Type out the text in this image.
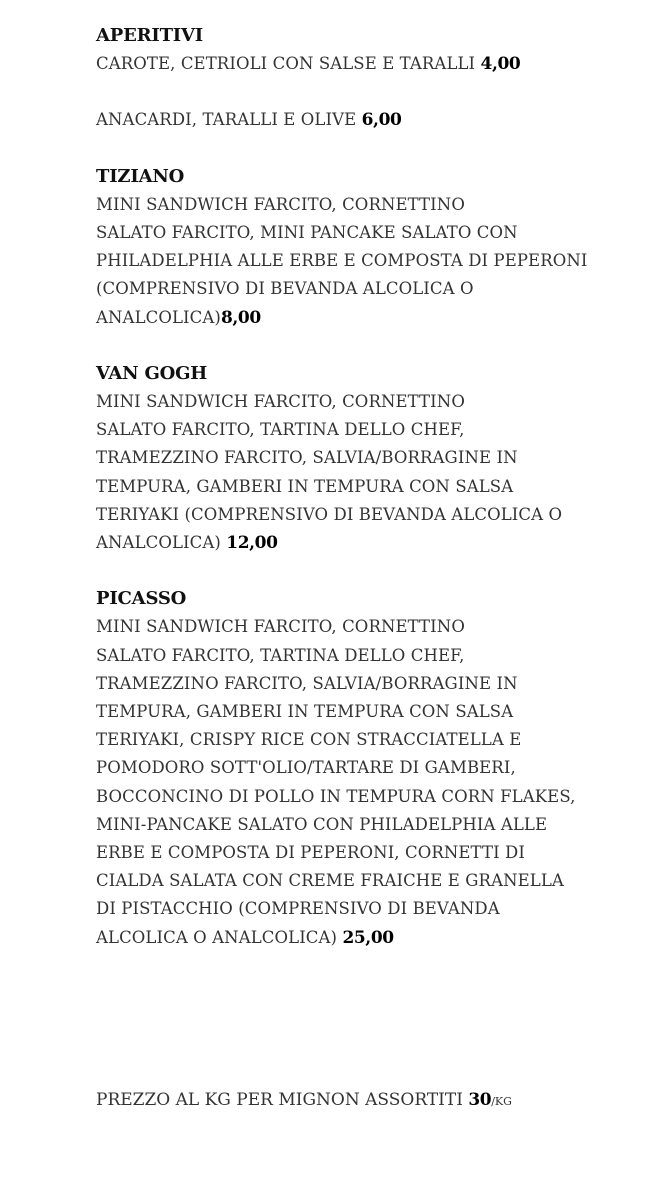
APERITIVI
CAROTE, CETRIOLI CON SALSE E TARALLI 4,00
ANACARDI, TARALLI E OLIVE 6,00
TIZIANO
MINI SANDWICH FARCITO, CORNETTINO
SALATO FARCITO, MINI PANCAKE SALATO CON
PHILADELPHIA ALLE ERBE E COMPOSTA DI PEPERONI
(COMPRENSIVO DI BEVANDA ALCOLICA O
ANALCOLICA)8,00
VAN GOGH
MINI SANDWICH FARCITO, CORNETTINO
SALATO FARCITO, TARTINA DELLO CHEF,
TRAMEZZINO FARCITO, SALVIA/BORRAGINE IN
TEMPURA, GAMBERI IN TEMPURA CON SALSA
TERIYAKI (COMPRENSIVO DI BEVANDA ALCOLICA O
ANALCOLICA) 12,00
PICASSO
MINI SANDWICH FARCITO, CORNETTINO
SALATO FARCITO, TARTINA DELLO CHEF,
TRAMEZZINO FARCITO, SALVIA/BORRAGINE IN
TEMPURA, GAMBERI IN TEMPURA CON SALSA
TERIYAKI, CRISPY RICE CON STRACCIATELLA E
POMODORO SOTT'OLIO/TARTARE DI GAMBERI,
BOCCONCINO DI POLLO IN TEMPURA CORN FLAKES,
MINI-PANCAKE SALATO CON PHILADELPHIA ALLE
ERBE E COMPOSTA DI PEPERONI, CORNETTI DI
CIALDA SALATA CON CREME FRAICHE E GRANELLA
DI PISTACCHIO (COMPRENSIVO DI BEVANDA
ALCOLICA O ANALCOLICA) 25,00
PREZZO AL KG PER MIGNON ASSORTITI 30/KG
